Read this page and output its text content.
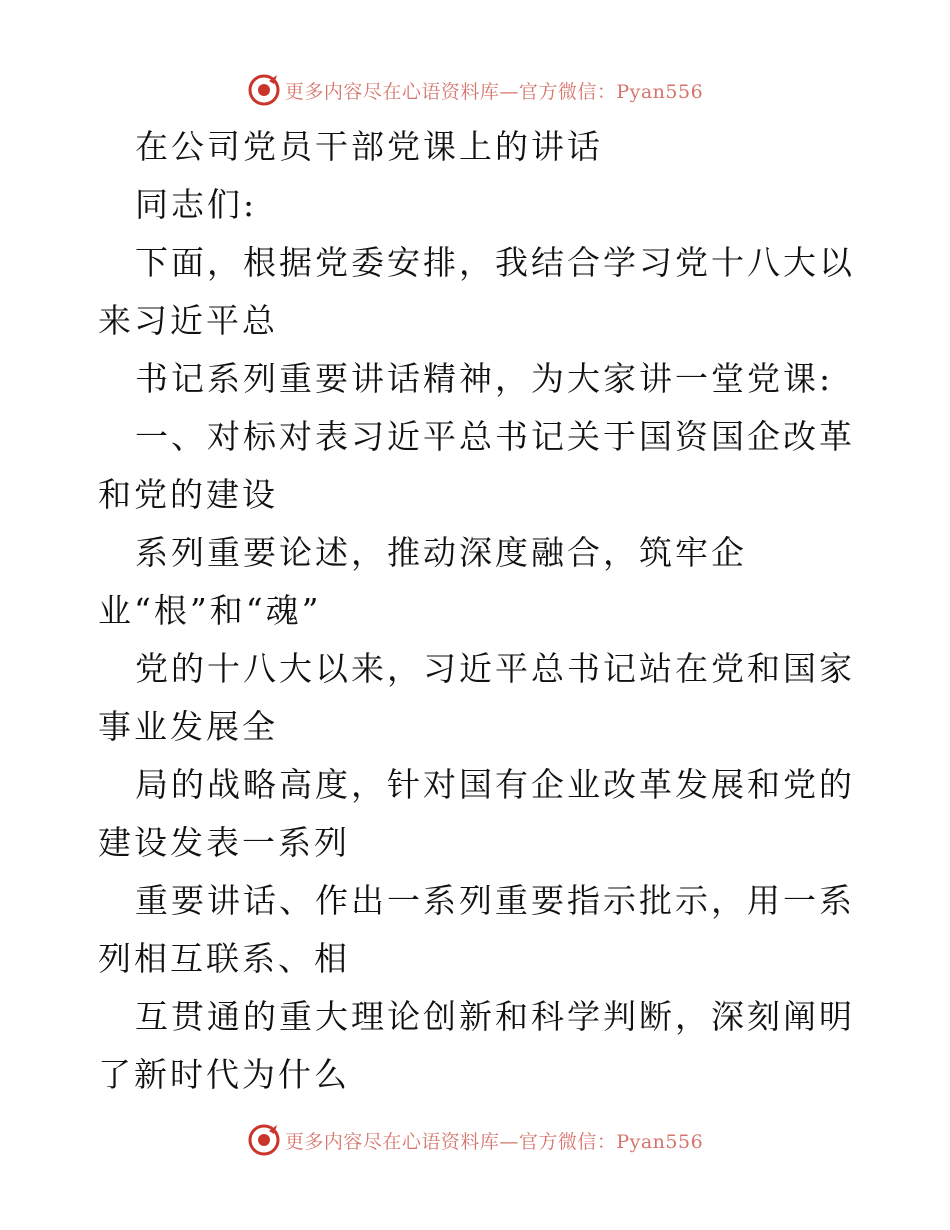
更多内容尽在心语资料库—官方微信：Pyan556

在公司党员干部党课上的讲话

同志们:

下面，根据党委安排，我结合学习党十八大以来习近平总

书记系列重要讲话精神，为大家讲一堂党课:

一、对标对表习近平总书记关于国资国企改革和党的建设

系列重要论述，推动深度融合，筑牢企

业“根”和“魂”

党的十八大以来，习近平总书记站在党和国家事业发展全

局的战略高度，针对国有企业改革发展和党的建设发表一系列

重要讲话、作出一系列重要指示批示，用一系列相互联系、相

互贯通的重大理论创新和科学判断，深刻阐明了新时代为什么

更多内容尽在心语资料库—官方微信：Pyan556
